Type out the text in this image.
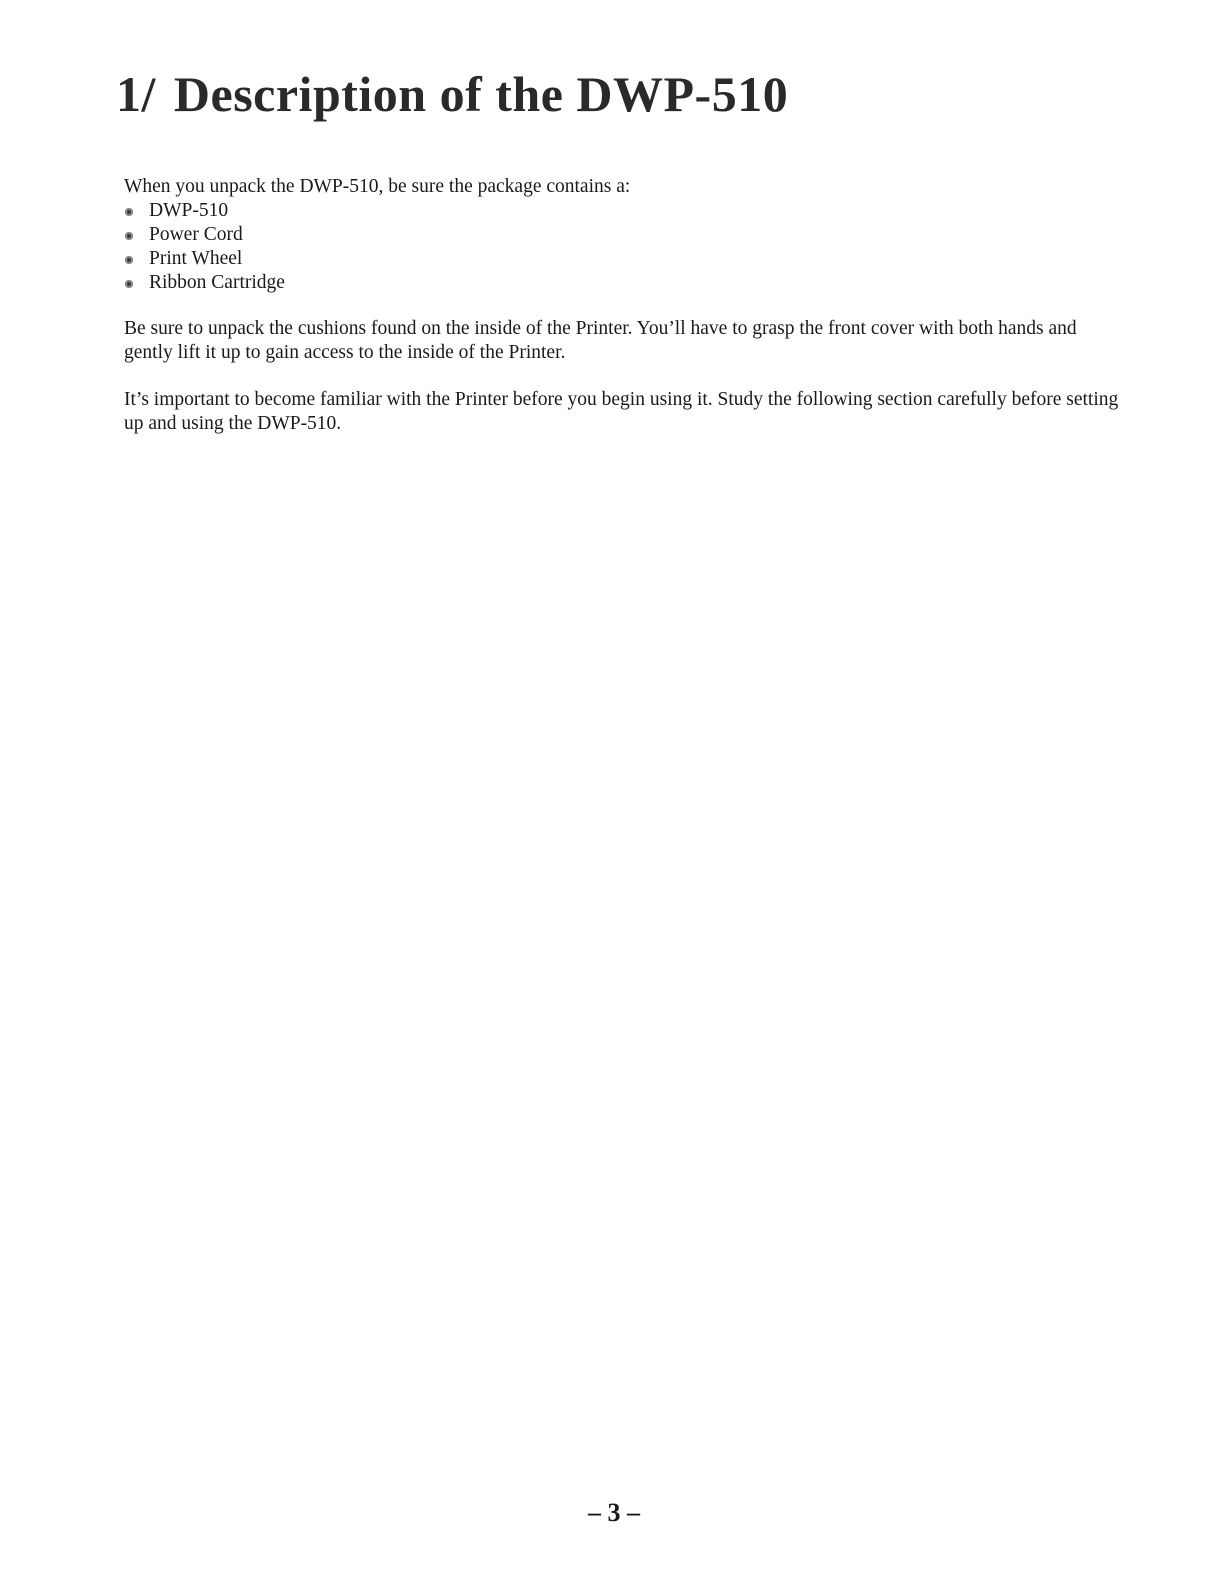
1/ Description of the DWP-510

When you unpack the DWP-510, be sure the package contains a:

DWP-510
Power Cord
Print Wheel
Ribbon Cartridge

Be sure to unpack the cushions found on the inside of the Printer. You’ll have to grasp the front cover with both hands and gently lift it up to gain access to the inside of the Printer.

It’s important to become familiar with the Printer before you begin using it. Study the following section carefully before setting up and using the DWP-510.

– 3 –
